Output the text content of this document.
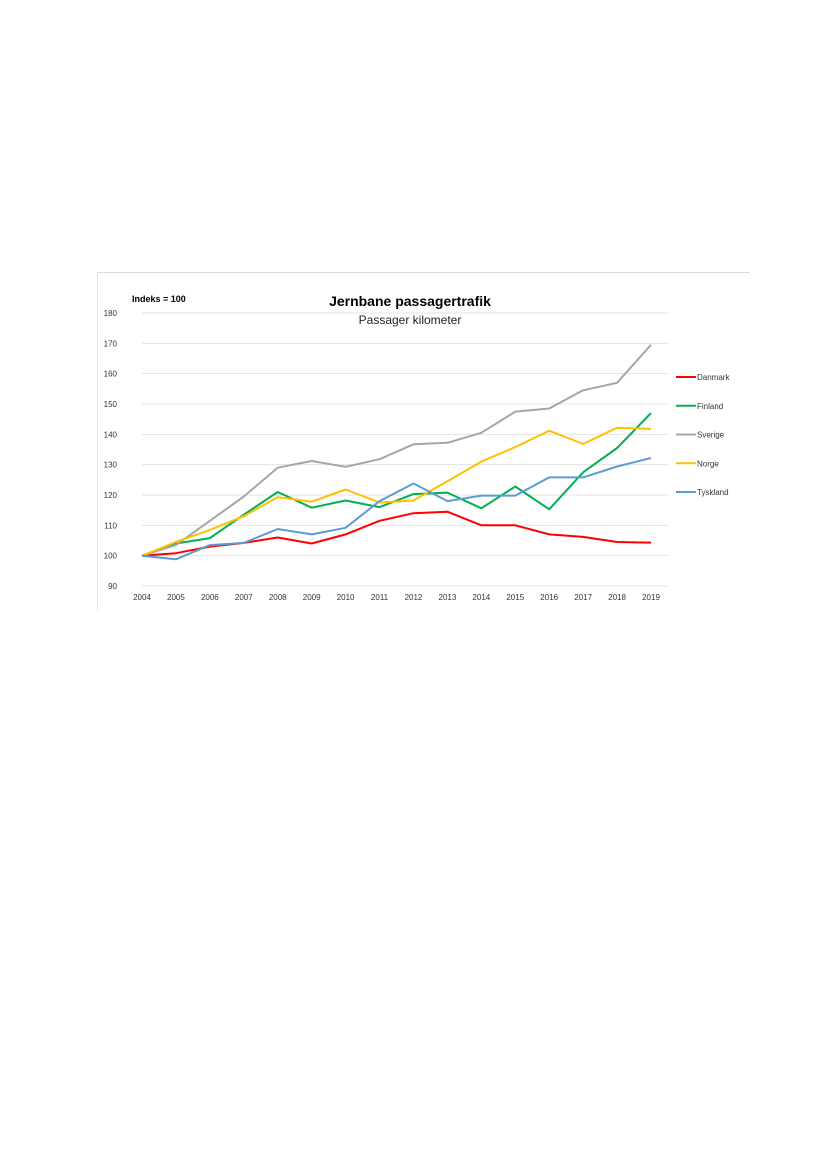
90
100
110
120
130
140
150
160
170
180
2004 2005 2006 2007 2008 2009 2010 2011 2012 2013 2014 2015 2016 2017 2018 2019
Danmark
Finland
Sverige
Norge
Tyskland
Indeks = 100	Jernbane passagertrafik
Passager kilometer
